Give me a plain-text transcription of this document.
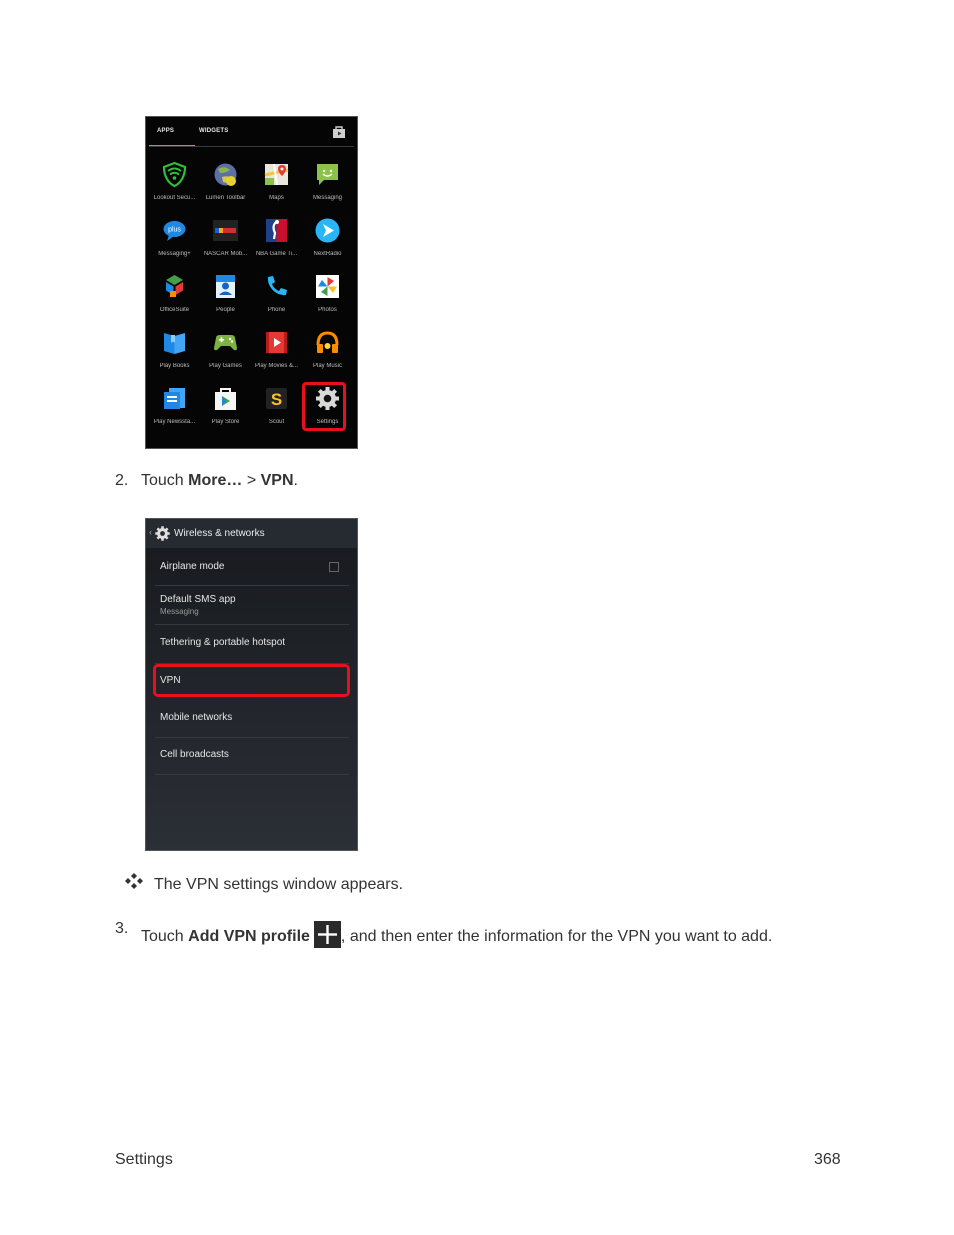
APPS	WIDGETS
Lookout Secu...	Lumen Toolbar	Maps	Messaging
plus
Messaging+	NASCAR Mob...	NBA Game Ti...	NextRadio
OfficeSuite	People	Phone	Photos
Play Books	Play Games	Play Movies &...	Play Music
Play Newssta...	Play Store
S
Scout	Settings
2. Touch More… > VPN.
‹ Wireless & networks
Airplane mode
Default SMS app
Messaging
Tethering & portable hotspot
VPN
Mobile networks
Cell broadcasts
The VPN settings window appears.
3. Touch Add VPN profile , and then enter the information for the VPN you want to add.
Settings	368
